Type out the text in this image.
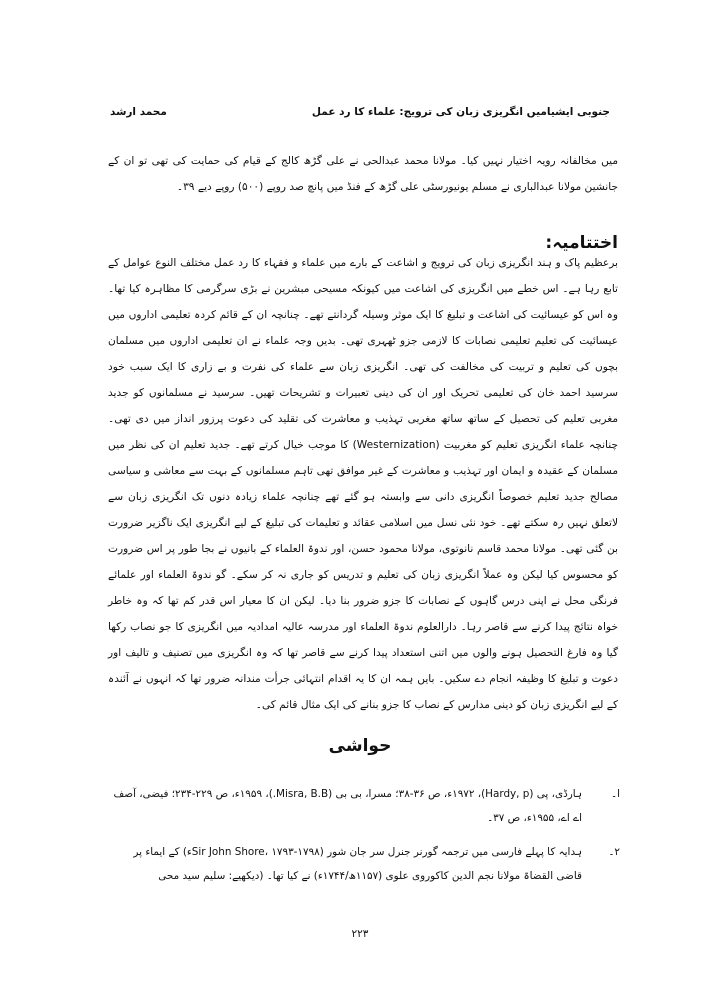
جنوبی ایشیامیں انگریزی زبان کی ترویج: علماء کا رد عمل
محمد ارشد

میں مخالفانہ رویہ اختیار نہیں کیا۔ مولانا محمد عبدالحی نے علی گڑھ کالج کے قیام کی حمایت کی تھی تو ان کے جانشین مولانا عبدالباری نے مسلم یونیورسٹی علی گڑھ کے فنڈ میں پانچ صد روپے (۵۰۰) روپے دیے ۳۹۔

اختتامیہ:

برعظیم پاک و ہند انگریزی زبان کی ترویج و اشاعت کے بارے میں علماء و فقہاء کا رد عمل مختلف النوع عوامل کے تابع رہا ہے۔ اس خطے میں انگریزی کی اشاعت میں کیونکہ مسیحی مبشرین نے بڑی سرگرمی کا مظاہرہ کیا تھا۔ وہ اس کو عیسائیت کی اشاعت و تبلیغ کا ایک موثر وسیلہ گردانتے تھے۔ چنانچہ ان کے قائم کردہ تعلیمی اداروں میں عیسائیت کی تعلیم تعلیمی نصابات کا لازمی جزو ٹھہری تھی۔ بدیں وجہ علماء نے ان تعلیمی اداروں میں مسلمان بچوں کی تعلیم و تربیت کی مخالفت کی تھی۔ انگریزی زبان سے علماء کی نفرت و بے زاری کا ایک سبب خود سرسید احمد خان کی تعلیمی تحریک اور ان کی دینی تعبیرات و تشریحات تھیں۔ سرسید نے مسلمانوں کو جدید مغربی تعلیم کی تحصیل کے ساتھ ساتھ مغربی تہذیب و معاشرت کی تقلید کی دعوت پرزور انداز میں دی تھی۔ چنانچہ علماء انگریزی تعلیم کو مغربیت (Westernization) کا موجب خیال کرتے تھے۔ جدید تعلیم ان کی نظر میں مسلمان کے عقیدہ و ایمان اور تہذیب و معاشرت کے غیر موافق تھی تاہم مسلمانوں کے بہت سے معاشی و سیاسی مصالح جدید تعلیم خصوصاً انگریزی دانی سے وابستہ ہو گئے تھے چنانچہ علماء زیادہ دنوں تک انگریزی زبان سے لاتعلق نہیں رہ سکتے تھے۔ خود نئی نسل میں اسلامی عقائد و تعلیمات کی تبلیغ کے لیے انگریزی ایک ناگزیر ضرورت بن گئی تھی۔ مولانا محمد قاسم نانوتوی، مولانا محمود حسن، اور ندوۃ العلماء کے بانیوں نے بجا طور پر اس ضرورت کو محسوس کیا لیکن وہ عملاً انگریزی زبان کی تعلیم و تدریس کو جاری نہ کر سکے۔ گو ندوۃ العلماء اور علمائے فرنگی محل نے اپنی درس گاہوں کے نصابات کا جزو ضرور بنا دیا۔ لیکن ان کا معیار اس قدر کم تھا کہ وہ خاطر خواہ نتائج پیدا کرنے سے قاصر رہا۔ دارالعلوم ندوۃ العلماء اور مدرسہ عالیہ امدادیہ میں انگریزی کا جو نصاب رکھا گیا وہ فارغ التحصیل ہونے والوں میں اتنی استعداد پیدا کرنے سے قاصر تھا کہ وہ انگریزی میں تصنیف و تالیف اور دعوت و تبلیغ کا وظیفہ انجام دے سکیں۔ بایں ہمہ ان کا یہ اقدام انتہائی جرأت مندانہ ضرور تھا کہ انہوں نے آئندہ کے لیے انگریزی زبان کو دینی مدارس کے نصاب کا جزو بنانے کی ایک مثال قائم کی۔

حواشی
ا۔
ہارڈی، پی (Hardy, p)، ۱۹۷۲ء، ص ۳۶-۳۸؛ مسرا، بی بی (Misra, B.B.)، ۱۹۵۹ء، ص ۲۲۹-۲۳۴؛ فیضی، آصف اے اے، ۱۹۵۵ء، ص ۳۷۔
۲۔
ہدایہ کا پہلے فارسی میں ترجمہ گورنر جنرل سر جان شور (Sir John Shore، ۱۷۹۳-۱۷۹۸ء) کے ایماء پر قاضی القضاۃ مولانا نجم الدین کاکوروی علوی (۱۱۵۷ھ/۱۷۴۴ء) نے کیا تھا۔ (دیکھیے: سلیم سید محی
۲۲۳
